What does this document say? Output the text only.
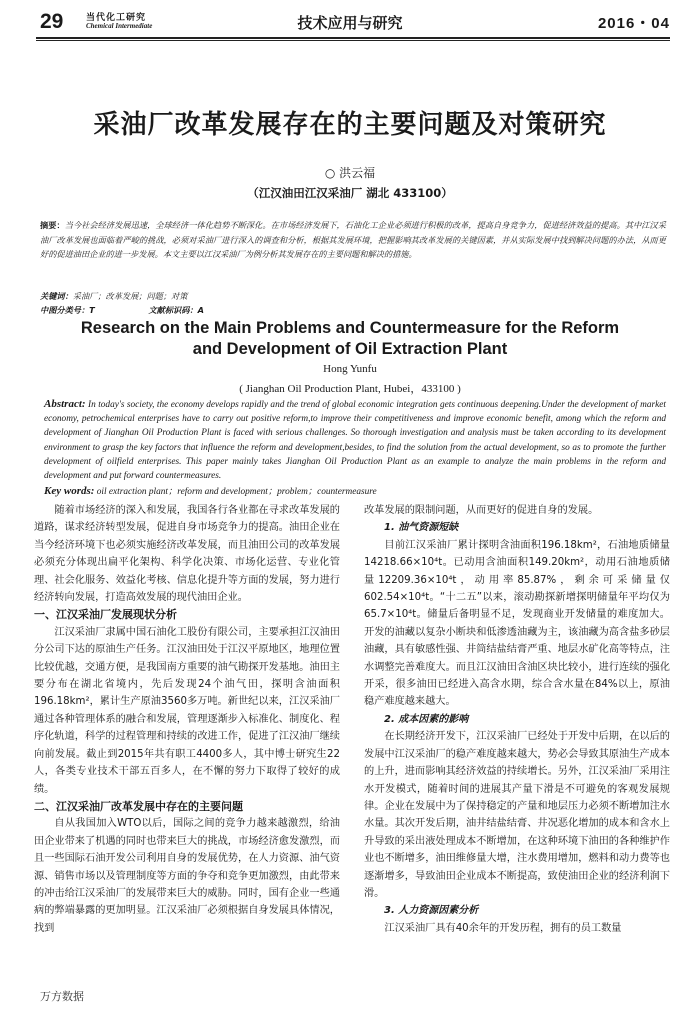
29	当代化工研究
Chemical Intermediate	技术应用与研究	2016・04
采油厂改革发展存在的主要问题及对策研究
○ 洪云福
（江汉油田江汉采油厂 湖北 433100）
摘要：当今社会经济发展迅速，全球经济一体化趋势不断深化。在市场经济发展下，石油化工企业必须进行积极的改革，提高自身竞争力，促进经济效益的提高。其中江汉采油厂改革发展也面临着严峻的挑战，必须对采油厂进行深入的调查和分析，根据其发展环境，把握影响其改革发展的关键因素，并从实际发展中找到解决问题的办法，从而更好的促进油田企业的进一步发展。本文主要以江汉采油厂为例分析其发展存在的主要问题和解决的措施。
关键词：采油厂；改革发展；问题；对策
中图分类号：T	文献标识码：A
Research on the Main Problems and Countermeasure for the Reform
and Development of Oil Extraction Plant
Hong Yunfu
( Jianghan Oil Production Plant, Hubei，433100 )
Abstract: In today's society, the economy develops rapidly and the trend of global economic integration gets continuous deepening.Under the development of market economy, petrochemical enterprises have to carry out positive reform,to improve their competitiveness and improve economic benefit, among which the reform and development of Jianghan Oil Production Plant is faced with serious challenges. So thorough investigation and analysis must be taken according to its development environment to grasp the key factors that influence the reform and development,besides, to find the solution from the actual development, so as to promote the further development of oilfield enterprises. This paper mainly takes Jianghan Oil Production Plant as an example to analyze the main problems in the reform and development and put forward countermeasures.
Key words: oil extraction plant；reform and development；problem；countermeasure

随着市场经济的深入和发展，我国各行各业都在寻求改革发展的道路，谋求经济转型发展，促进自身市场竞争力的提高。油田企业在当今经济环境下也必须实施经济改革发展，而且油田公司的改革发展必须充分体现出扁平化架构、科学化决策、市场化运营、专业化管理、社会化服务、效益化考核、信息化提升等方面的发展，努力进行经济转向发展，打造高效发展的现代油田企业。

一、江汉采油厂发展现状分析

江汉采油厂隶属中国石油化工股份有限公司，主要承担江汉油田分公司下达的原油生产任务。江汉油田处于江汉平原地区，地理位置比较优越，交通方便，是我国南方重要的油气勘探开发基地。油田主要分布在湖北省境内，先后发现24个油气田，探明含油面积196.18km²，累计生产原油3560多万吨。新世纪以来，江汉采油厂通过各种管理体系的融合和发展，管理逐渐步入标准化、制度化、程序化轨道，科学的过程管理和持续的改进工作，促进了江汉油厂继续向前发展。截止到2015年共有职工4400多人，其中博士研究生22人，各类专业技术干部五百多人，在不懈的努力下取得了较好的成绩。

二、江汉采油厂改革发展中存在的主要问题

自从我国加入WTO以后，国际之间的竞争力越来越激烈，给油田企业带来了机遇的同时也带来巨大的挑战，市场经济愈发激烈，而且一些国际石油开发公司利用自身的发展优势，在人力资源、油气资源、销售市场以及管理制度等方面的争夺和竞争更加激烈，由此带来的冲击给江汉采油厂的发展带来巨大的威胁。同时，国有企业一些通病的弊端暴露的更加明显。江汉采油厂必须根据自身发展具体情况，找到

改革发展的限制问题，从而更好的促进自身的发展。

1. 油气资源短缺

目前江汉采油厂累计探明含油面积196.18km²，石油地质储量14218.66×10⁴t。已动用含油面积149.20km²，动用石油地质储量12209.36×10⁴t，动用率85.87%，剩余可采储量仅602.54×10⁴t。“十二五”以来，滚动勘探新增探明储量年平均仅为65.7×10⁴t。储量后备明显不足，发现商业开发储量的难度加大。开发的油藏以复杂小断块和低渗透油藏为主，该油藏为高含盐多砂层油藏，具有敏感性强、井筒结盐结膏严重、地层水矿化高等特点，注水调整完善难度大。而且江汉油田含油区块比较小，进行连续的强化开采，很多油田已经进入高含水期，综合含水量在84%以上，原油稳产难度越来越大。

2. 成本因素的影响

在长期经济开发下，江汉采油厂已经处于开发中后期，在以后的发展中江汉采油厂的稳产难度越来越大，势必会导致其原油生产成本的上升，进而影响其经济效益的持续增长。另外，江汉采油厂采用注水开发模式，随着时间的进展其产量下滑是不可避免的客观发展规律。企业在发展中为了保持稳定的产量和地层压力必须不断增加注水水量。其次开发后期，油井结盐结膏、井况恶化增加的成本和含水上升导致的采出液处理成本不断增加，在这种环境下油田的各种维护作业也不断增多，油田维修量大增，注水费用增加，燃料和动力费等也逐渐增多，导致油田企业成本不断提高，致使油田企业的经济利润下滑。

3. 人力资源因素分析

江汉采油厂具有40余年的开发历程，拥有的员工数量

万方数据
